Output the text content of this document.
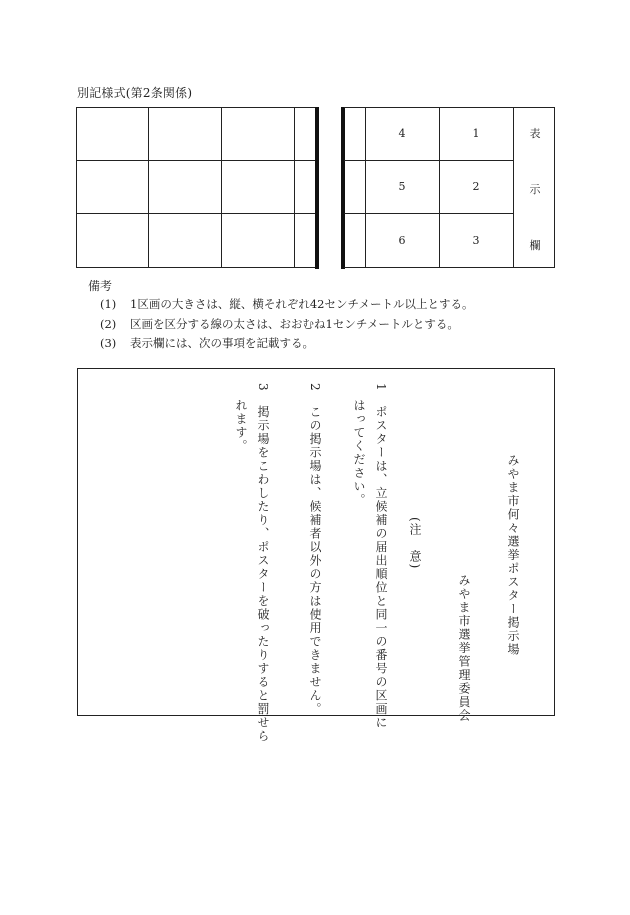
別記様式(第2条関係)
4
5
6
1
2
3
表
示
欄
備考
(1) 1区画の大きさは、縦、横それぞれ42センチメートル以上とする。
(2) 区画を区分する線の太さは、おおむね1センチメートルとする。
(3) 表示欄には、次の事項を記載する。
みやま市何々選挙ポスター掲示場
みやま市選挙管理委員会
(注　意)
1　ポスターは、立候補の届出順位と同一の番号の区画に
はってください。
2　この掲示場は、候補者以外の方は使用できません。
3　掲示場をこわしたり、ポスターを破ったりすると罰せら
れます。
